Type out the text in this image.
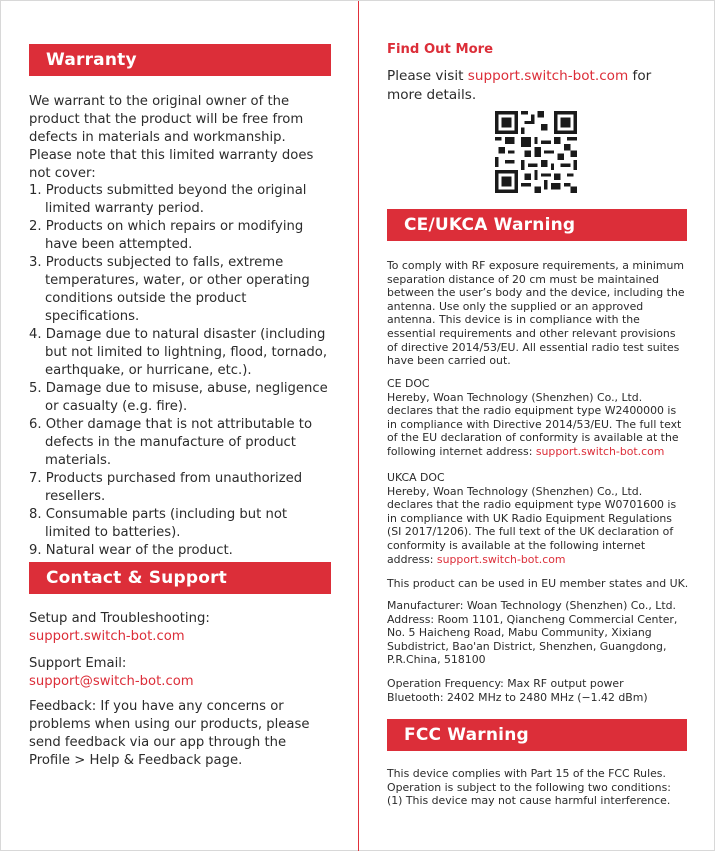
Warranty

We warrant to the original owner of the product that the product will be free from defects in materials and workmanship. Please note that this limited warranty does not cover:

1. Products submitted beyond the original limited warranty period.
2. Products on which repairs or modifying have been attempted.
3. Products subjected to falls, extreme temperatures, water, or other operating conditions outside the product specifications.
4. Damage due to natural disaster (including but not limited to lightning, flood, tornado, earthquake, or hurricane, etc.).
5. Damage due to misuse, abuse, negligence or casualty (e.g. fire).
6. Other damage that is not attributable to defects in the manufacture of product materials.
7. Products purchased from unauthorized resellers.
8. Consumable parts (including but not limited to batteries).
9. Natural wear of the product.
Contact & Support
Setup and Troubleshooting:
support.switch-bot.com
Support Email:
support@switch-bot.com

Feedback: If you have any concerns or problems when using our products, please send feedback via our app through the Profile > Help & Feedback page.

Find Out More

Please visit support.switch-bot.com for more details.

CE/UKCA Warning

To comply with RF exposure requirements, a minimum separation distance of 20 cm must be maintained between the user’s body and the device, including the antenna. Use only the supplied or an approved antenna. This device is in compliance with the essential requirements and other relevant provisions of directive 2014/53/EU. All essential radio test suites have been carried out.

CE DOC

Hereby, Woan Technology (Shenzhen) Co., Ltd. declares that the radio equipment type W2400000 is in compliance with Directive 2014/53/EU. The full text of the EU declaration of conformity is available at the following internet address: support.switch-bot.com

UKCA DOC

Hereby, Woan Technology (Shenzhen) Co., Ltd. declares that the radio equipment type W0701600 is in compliance with UK Radio Equipment Regulations (SI 2017/1206). The full text of the UK declaration of conformity is available at the following internet address: support.switch-bot.com

This product can be used in EU member states and UK.

Manufacturer: Woan Technology (Shenzhen) Co., Ltd.

Address: Room 1101, Qiancheng Commercial Center, No. 5 Haicheng Road, Mabu Community, Xixiang Subdistrict, Bao'an District, Shenzhen, Guangdong, P.R.China, 518100

Operation Frequency: Max RF output power

Bluetooth: 2402 MHz to 2480 MHz (−1.42 dBm)

FCC Warning

This device complies with Part 15 of the FCC Rules. Operation is subject to the following two conditions: (1) This device may not cause harmful interference.
